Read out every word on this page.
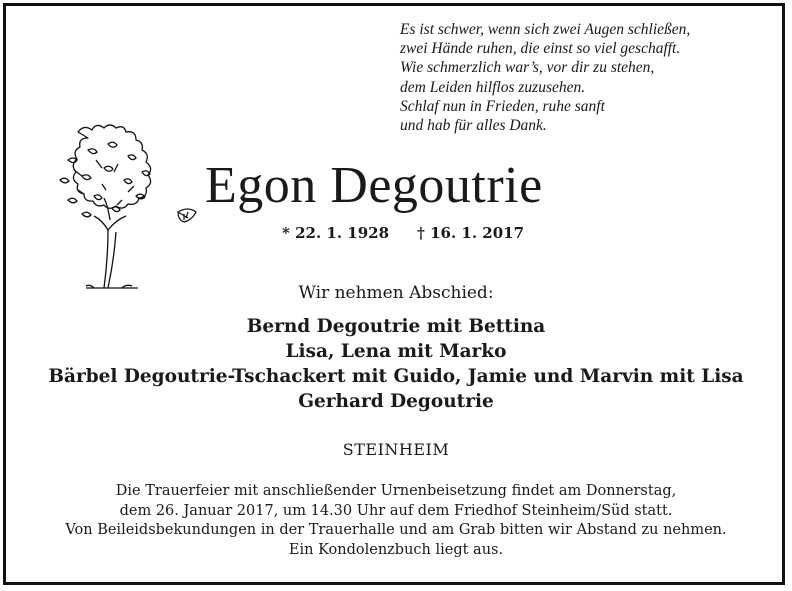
Es ist schwer, wenn sich zwei Augen schließen,
zwei Hände ruhen, die einst so viel geschafft.
Wie schmerzlich war’s, vor dir zu stehen,
dem Leiden hilflos zuzusehen.
Schlaf nun in Frieden, ruhe sanft
und hab für alles Dank.
Egon Degoutrie
* 22. 1. 1928 † 16. 1. 2017
Wir nehmen Abschied:
Bernd Degoutrie mit Bettina
Lisa, Lena mit Marko
Bärbel Degoutrie-Tschackert mit Guido, Jamie und Marvin mit Lisa
Gerhard Degoutrie
STEINHEIM
Die Trauerfeier mit anschließender Urnenbeisetzung findet am Donnerstag,
dem 26. Januar 2017, um 14.30 Uhr auf dem Friedhof Steinheim/Süd statt.
Von Beileidsbekundungen in der Trauerhalle und am Grab bitten wir Abstand zu nehmen.
Ein Kondolenzbuch liegt aus.
